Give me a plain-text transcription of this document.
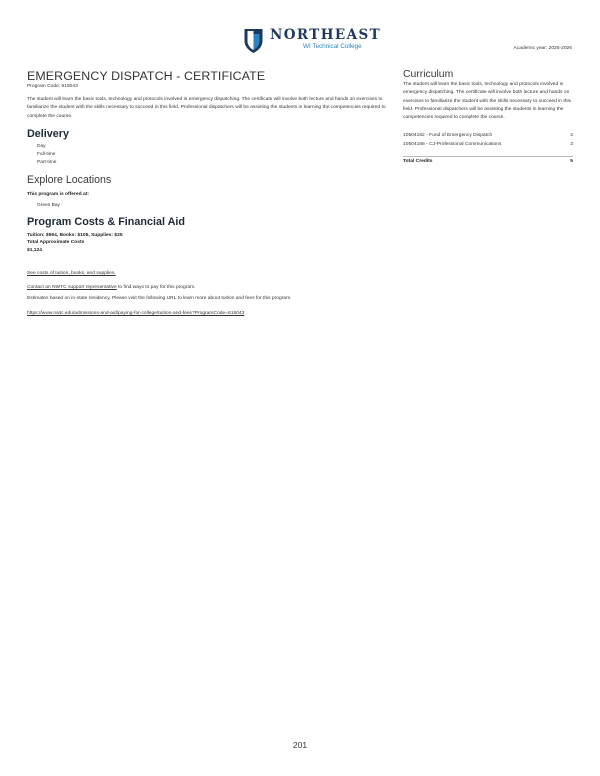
NORTHEAST
WI Technical College	Academic year: 2025-2026
EMERGENCY DISPATCH - CERTIFICATE
Program Code: 615043
The student will learn the basic tools, technology and protocols involved in emergency dispatching. The certificate will involve both lecture and hands on exercises to familiarize the student with the skills necessary to succeed in this field. Professional dispatchers will be assisting the students in learning the competencies required to complete the course.
Delivery
Day
Full-time
Part-time
Explore Locations
This program is offered at:
Green Bay
Program Costs & Financial Aid
Tuition: $994, Books: $105, Supplies: $25
Total Approximate Costs
$1,124
See costs of tuition, books, and supplies.
Contact an NWTC support representative to find ways to pay for this program.
Estimates based on in-state residency. Please visit the following URL to learn more about tuition and fees for this program.
https://www.nwtc.edu/admissions-and-aid/paying-for-college/tuition-and-fees?ProgramCode=615043
Curriculum
The student will learn the basic tools, technology and protocols involved in emergency dispatching. The certificate will involve both lecture and hands on exercises to familiarize the student with the skills necessary to succeed in this field. Professional dispatchers will be assisting the students in learning the competencies required to complete the course.
10504162 - Fund of Emergency Dispatch	2
10504168 - CJ-Professional Communications	3
Total Credits	5
201
